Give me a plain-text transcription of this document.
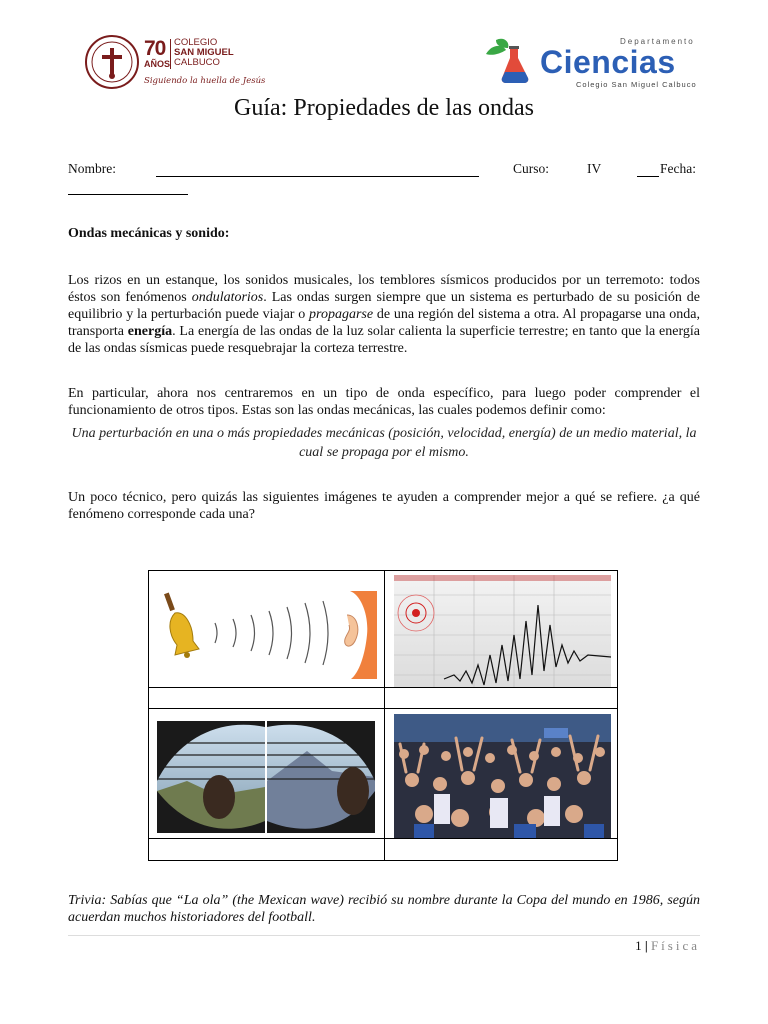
70
AÑOS
COLEGIO
SAN MIGUEL
CALBUCO
Siguiendo la huella de Jesús
Departamento
Ciencias
Colegio San Miguel Calbuco
Guía: Propiedades de las ondas
Nombre:	Curso:	IV	Fecha:
Ondas mecánicas y sonido:
Los rizos en un estanque, los sonidos musicales, los temblores sísmicos producidos por un terremoto: todos éstos son fenómenos ondulatorios. Las ondas surgen siempre que un sistema es perturbado de su posición de equilibrio y la perturbación puede viajar o propagarse de una región del sistema a otra. Al propagarse una onda, transporta energía. La energía de las ondas de la luz solar calienta la superficie terrestre; en tanto que la energía de las ondas sísmicas puede resquebrajar la corteza terrestre.
En particular, ahora nos centraremos en un tipo de onda específico, para luego poder comprender el funcionamiento de otros tipos. Estas son las ondas mecánicas, las cuales podemos definir como:
Una perturbación en una o más propiedades mecánicas (posición, velocidad, energía) de un medio material, la cual se propaga por el mismo.
Un poco técnico, pero quizás las siguientes imágenes te ayuden a comprender mejor a qué se refiere. ¿a qué fenómeno corresponde cada una?
Trivia: Sabías que “La ola” (the Mexican wave) recibió su nombre durante la Copa del mundo en 1986, según acuerdan muchos historiadores del football.
1 | Física
